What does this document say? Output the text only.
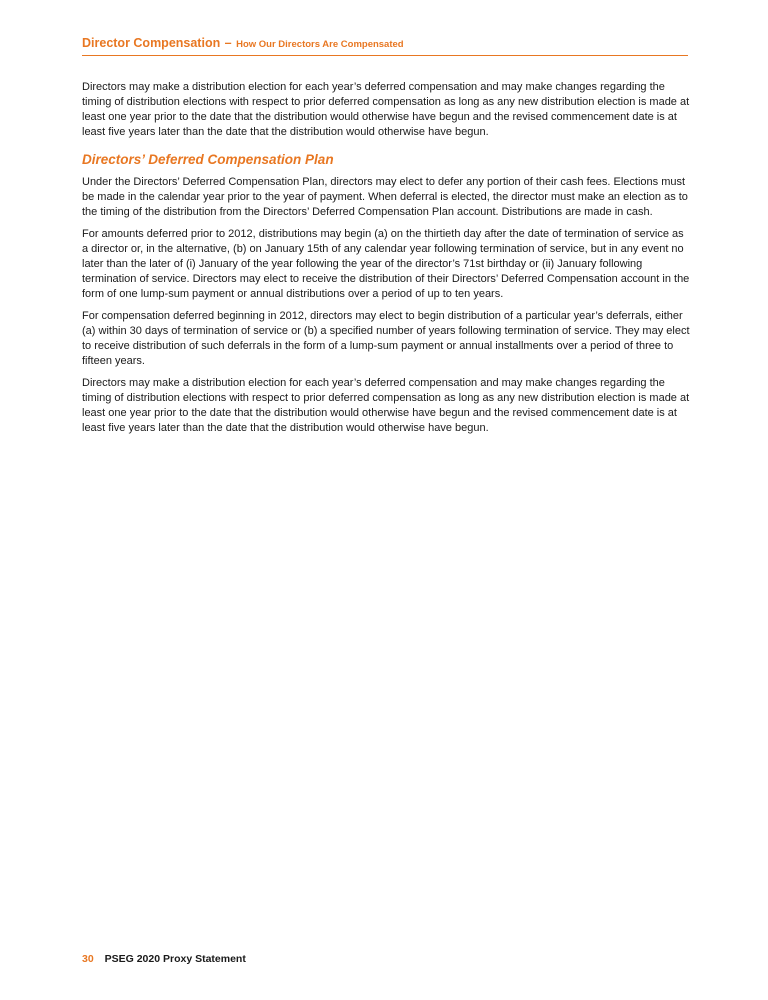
Director Compensation – How Our Directors Are Compensated

Directors may make a distribution election for each year’s deferred compensation and may make changes regarding the timing of distribution elections with respect to prior deferred compensation as long as any new distribution election is made at least one year prior to the date that the distribution would otherwise have begun and the revised commencement date is at least five years later than the date that the distribution would otherwise have begun.

Directors’ Deferred Compensation Plan

Under the Directors’ Deferred Compensation Plan, directors may elect to defer any portion of their cash fees. Elections must be made in the calendar year prior to the year of payment. When deferral is elected, the director must make an election as to the timing of the distribution from the Directors’ Deferred Compensation Plan account. Distributions are made in cash.

For amounts deferred prior to 2012, distributions may begin (a) on the thirtieth day after the date of termination of service as a director or, in the alternative, (b) on January 15th of any calendar year following termination of service, but in any event no later than the later of (i) January of the year following the year of the director’s 71st birthday or (ii) January following termination of service. Directors may elect to receive the distribution of their Directors’ Deferred Compensation account in the form of one lump-sum payment or annual distributions over a period of up to ten years.

For compensation deferred beginning in 2012, directors may elect to begin distribution of a particular year’s deferrals, either (a) within 30 days of termination of service or (b) a specified number of years following termination of service. They may elect to receive distribution of such deferrals in the form of a lump-sum payment or annual installments over a period of three to fifteen years.

Directors may make a distribution election for each year’s deferred compensation and may make changes regarding the timing of distribution elections with respect to prior deferred compensation as long as any new distribution election is made at least one year prior to the date that the distribution would otherwise have begun and the revised commencement date is at least five years later than the date that the distribution would otherwise have begun.

30 PSEG 2020 Proxy Statement
